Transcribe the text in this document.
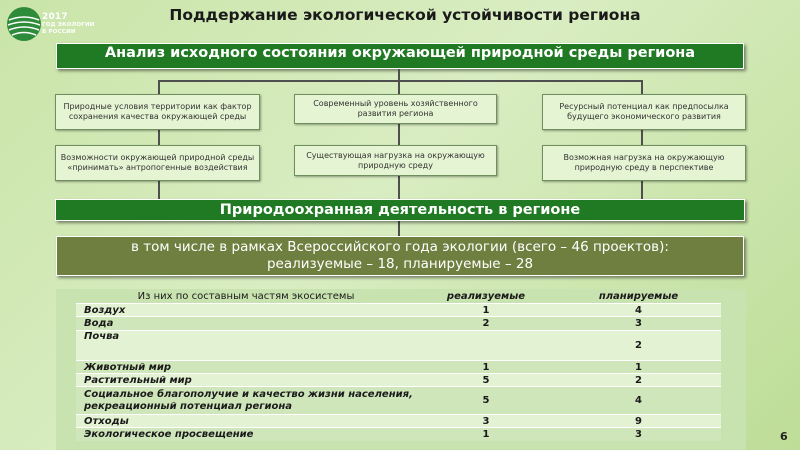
2017
ГОД ЭКОЛОГИИ
В РОССИИ
Поддержание экологической устойчивости региона
Анализ исходного состояния окружающей природной среды региона
Природные условия территории как фактор сохранения качества окружающей среды
Современный уровень хозяйственного развития региона
Ресурсный потенциал как предпосылка будущего экономического развития
Возможности окружающей природной среды «принимать» антропогенные воздействия
Существующая нагрузка на окружающую природную среду
Возможная нагрузка на окружающую природную среду в перспективе
Природоохранная деятельность в регионе
в том числе в рамках Всероссийского года экологии (всего – 46 проектов):
реализуемые – 18, планируемые – 28
Из них по составным частям экосистемы	реализуемые	планируемые
Воздух	1	4
Вода	2	3
Почва		2
Животный мир	1	1
Растительный мир	5	2
Социальное благополучие и качество жизни населения, рекреационный потенциал региона	5	4
Отходы	3	9
Экологическое просвещение	1	3	6
